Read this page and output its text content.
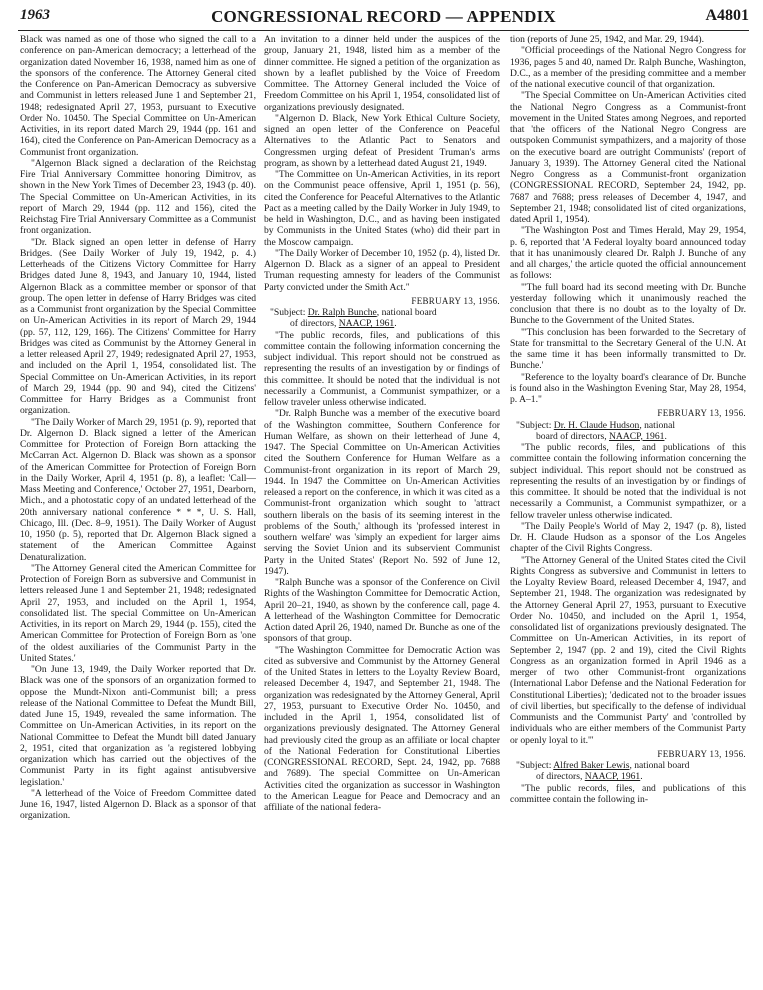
1963	CONGRESSIONAL RECORD — APPENDIX	A4801

Black was named as one of those who signed the call to a conference on pan-American democracy; a letterhead of the organization dated November 16, 1938, named him as one of the sponsors of the conference. The Attorney General cited the Conference on Pan-American Democracy as subversive and Communist in letters released June 1 and September 21, 1948; redesignated April 27, 1953, pursuant to Executive Order No. 10450. The Special Committee on Un-American Activities, in its report dated March 29, 1944 (pp. 161 and 164), cited the Conference on Pan-American Democracy as a Communist front organization.

"Algernon Black signed a declaration of the Reichstag Fire Trial Anniversary Committee honoring Dimitrov, as shown in the New York Times of December 23, 1943 (p. 40). The Special Committee on Un-American Activities, in its report of March 29, 1944 (pp. 112 and 156), cited the Reichstag Fire Trial Anniversary Committee as a Communist front organization.

"Dr. Black signed an open letter in defense of Harry Bridges. (See Daily Worker of July 19, 1942, p. 4.) Letterheads of the Citizens Victory Committee for Harry Bridges dated June 8, 1943, and January 10, 1944, listed Algernon Black as a committee member or sponsor of that group. The open letter in defense of Harry Bridges was cited as a Communist front organization by the Special Committee on Un-American Activities in its report of March 29, 1944 (pp. 57, 112, 129, 166). The Citizens' Committee for Harry Bridges was cited as Communist by the Attorney General in a letter released April 27, 1949; redesignated April 27, 1953, and included on the April 1, 1954, consolidated list. The Special Committee on Un-American Activities, in its report of March 29, 1944 (pp. 90 and 94), cited the Citizens' Committee for Harry Bridges as a Communist front organization.

"The Daily Worker of March 29, 1951 (p. 9), reported that Dr. Algernon D. Black signed a letter of the American Committee for Protection of Foreign Born attacking the McCarran Act. Algernon D. Black was shown as a sponsor of the American Committee for Protection of Foreign Born in the Daily Worker, April 4, 1951 (p. 8), a leaflet: 'Call—Mass Meeting and Conference,' October 27, 1951, Dearborn, Mich., and a photostatic copy of an undated letterhead of the 20th anniversary national conference * * *, U. S. Hall, Chicago, Ill. (Dec. 8–9, 1951). The Daily Worker of August 10, 1950 (p. 5), reported that Dr. Algernon Black signed a statement of the American Committee Against Denaturalization.

"The Attorney General cited the American Committee for Protection of Foreign Born as subversive and Communist in letters released June 1 and September 21, 1948; redesignated April 27, 1953, and included on the April 1, 1954, consolidated list. The special Committee on Un-American Activities, in its report on March 29, 1944 (p. 155), cited the American Committee for Protection of Foreign Born as 'one of the oldest auxiliaries of the Communist Party in the United States.'

"On June 13, 1949, the Daily Worker reported that Dr. Black was one of the sponsors of an organization formed to oppose the Mundt-Nixon anti-Communist bill; a press release of the National Committee to Defeat the Mundt Bill, dated June 15, 1949, revealed the same information. The Committee on Un-American Activities, in its report on the National Committee to Defeat the Mundt bill dated January 2, 1951, cited that organization as 'a registered lobbying organization which has carried out the objectives of the Communist Party in its fight against antisubversive legislation.'

"A letterhead of the Voice of Freedom Committee dated June 16, 1947, listed Algernon D. Black as a sponsor of that organization.

An invitation to a dinner held under the auspices of the group, January 21, 1948, listed him as a member of the dinner committee. He signed a petition of the organization as shown by a leaflet published by the Voice of Freedom Committee. The Attorney General included the Voice of Freedom Committee on his April 1, 1954, consolidated list of organizations previously designated.

"Algernon D. Black, New York Ethical Culture Society, signed an open letter of the Conference on Peaceful Alternatives to the Atlantic Pact to Senators and Congressmen urging defeat of President Truman's arms program, as shown by a letterhead dated August 21, 1949.

"The Committee on Un-American Activities, in its report on the Communist peace offensive, April 1, 1951 (p. 56), cited the Conference for Peaceful Alternatives to the Atlantic Pact as a meeting called by the Daily Worker in July 1949, to be held in Washington, D.C., and as having been instigated by Communists in the United States (who) did their part in the Moscow campaign.

"The Daily Worker of December 10, 1952 (p. 4), listed Dr. Algernon D. Black as a signer of an appeal to President Truman requesting amnesty for leaders of the Communist Party convicted under the Smith Act."

FEBRUARY 13, 1956.

"Subject: Dr. Ralph Bunche, national board

of directors, NAACP, 1961.

"The public records, files, and publications of this committee contain the following information concerning the subject individual. This report should not be construed as representing the results of an investigation by or findings of this committee. It should be noted that the individual is not necessarily a Communist, a Communist sympathizer, or a fellow traveler unless otherwise indicated.

"Dr. Ralph Bunche was a member of the executive board of the Washington committee, Southern Conference for Human Welfare, as shown on their letterhead of June 4, 1947. The Special Committee on Un-American Activities cited the Southern Conference for Human Welfare as a Communist-front organization in its report of March 29, 1944. In 1947 the Committee on Un-American Activities released a report on the conference, in which it was cited as a Communist-front organization which sought to 'attract southern liberals on the basis of its seeming interest in the problems of the South,' although its 'professed interest in southern welfare' was 'simply an expedient for larger aims serving the Soviet Union and its subservient Communist Party in the United States' (Report No. 592 of June 12, 1947).

"Ralph Bunche was a sponsor of the Conference on Civil Rights of the Washington Committee for Democratic Action, April 20–21, 1940, as shown by the conference call, page 4. A letterhead of the Washington Committee for Democratic Action dated April 26, 1940, named Dr. Bunche as one of the sponsors of that group.

"The Washington Committee for Democratic Action was cited as subversive and Communist by the Attorney General of the United States in letters to the Loyalty Review Board, released December 4, 1947, and September 21, 1948. The organization was redesignated by the Attorney General, April 27, 1953, pursuant to Executive Order No. 10450, and included in the April 1, 1954, consolidated list of organizations previously designated. The Attorney General had previously cited the group as an affiliate or local chapter of the National Federation for Constitutional Liberties (CONGRESSIONAL RECORD, Sept. 24, 1942, pp. 7688 and 7689). The special Committee on Un-American Activities cited the organization as successor in Washington to the American League for Peace and Democracy and an affiliate of the national federa-

tion (reports of June 25, 1942, and Mar. 29, 1944).

"Official proceedings of the National Negro Congress for 1936, pages 5 and 40, named Dr. Ralph Bunche, Washington, D.C., as a member of the presiding committee and a member of the national executive council of that organization.

"The Special Committee on Un-American Activities cited the National Negro Congress as a Communist-front movement in the United States among Negroes, and reported that 'the officers of the National Negro Congress are outspoken Communist sympathizers, and a majority of those on the executive board are outright Communists' (report of January 3, 1939). The Attorney General cited the National Negro Congress as a Communist-front organization (CONGRESSIONAL RECORD, September 24, 1942, pp. 7687 and 7688; press releases of December 4, 1947, and September 21, 1948; consolidated list of cited organizations, dated April 1, 1954).

"The Washington Post and Times Herald, May 29, 1954, p. 6, reported that 'A Federal loyalty board announced today that it has unanimously cleared Dr. Ralph J. Bunche of any and all charges,' the article quoted the official announcement as follows:

"'The full board had its second meeting with Dr. Bunche yesterday following which it unanimously reached the conclusion that there is no doubt as to the loyalty of Dr. Bunche to the Government of the United States.

"'This conclusion has been forwarded to the Secretary of State for transmittal to the Secretary General of the U.N. At the same time it has been informally transmitted to Dr. Bunche.'

"Reference to the loyalty board's clearance of Dr. Bunche is found also in the Washington Evening Star, May 28, 1954, p. A–1."

FEBRUARY 13, 1956.

"Subject: Dr. H. Claude Hudson, national

board of directors, NAACP, 1961.

"The public records, files, and publications of this committee contain the following information concerning the subject individual. This report should not be construed as representing the results of an investigation by or findings of this committee. It should be noted that the individual is not necessarily a Communist, a Communist sympathizer, or a fellow traveler unless otherwise indicated.

"The Daily People's World of May 2, 1947 (p. 8), listed Dr. H. Claude Hudson as a sponsor of the Los Angeles chapter of the Civil Rights Congress.

"The Attorney General of the United States cited the Civil Rights Congress as subversive and Communist in letters to the Loyalty Review Board, released December 4, 1947, and September 21, 1948. The organization was redesignated by the Attorney General April 27, 1953, pursuant to Executive Order No. 10450, and included on the April 1, 1954, consolidated list of organizations previously designated. The Committee on Un-American Activities, in its report of September 2, 1947 (pp. 2 and 19), cited the Civil Rights Congress as an organization formed in April 1946 as a merger of two other Communist-front organizations (International Labor Defense and the National Federation for Constitutional Liberties); 'dedicated not to the broader issues of civil liberties, but specifically to the defense of individual Communists and the Communist Party' and 'controlled by individuals who are either members of the Communist Party or openly loyal to it.'"

FEBRUARY 13, 1956.

"Subject: Alfred Baker Lewis, national board

of directors, NAACP, 1961.

"The public records, files, and publications of this committee contain the following in-
